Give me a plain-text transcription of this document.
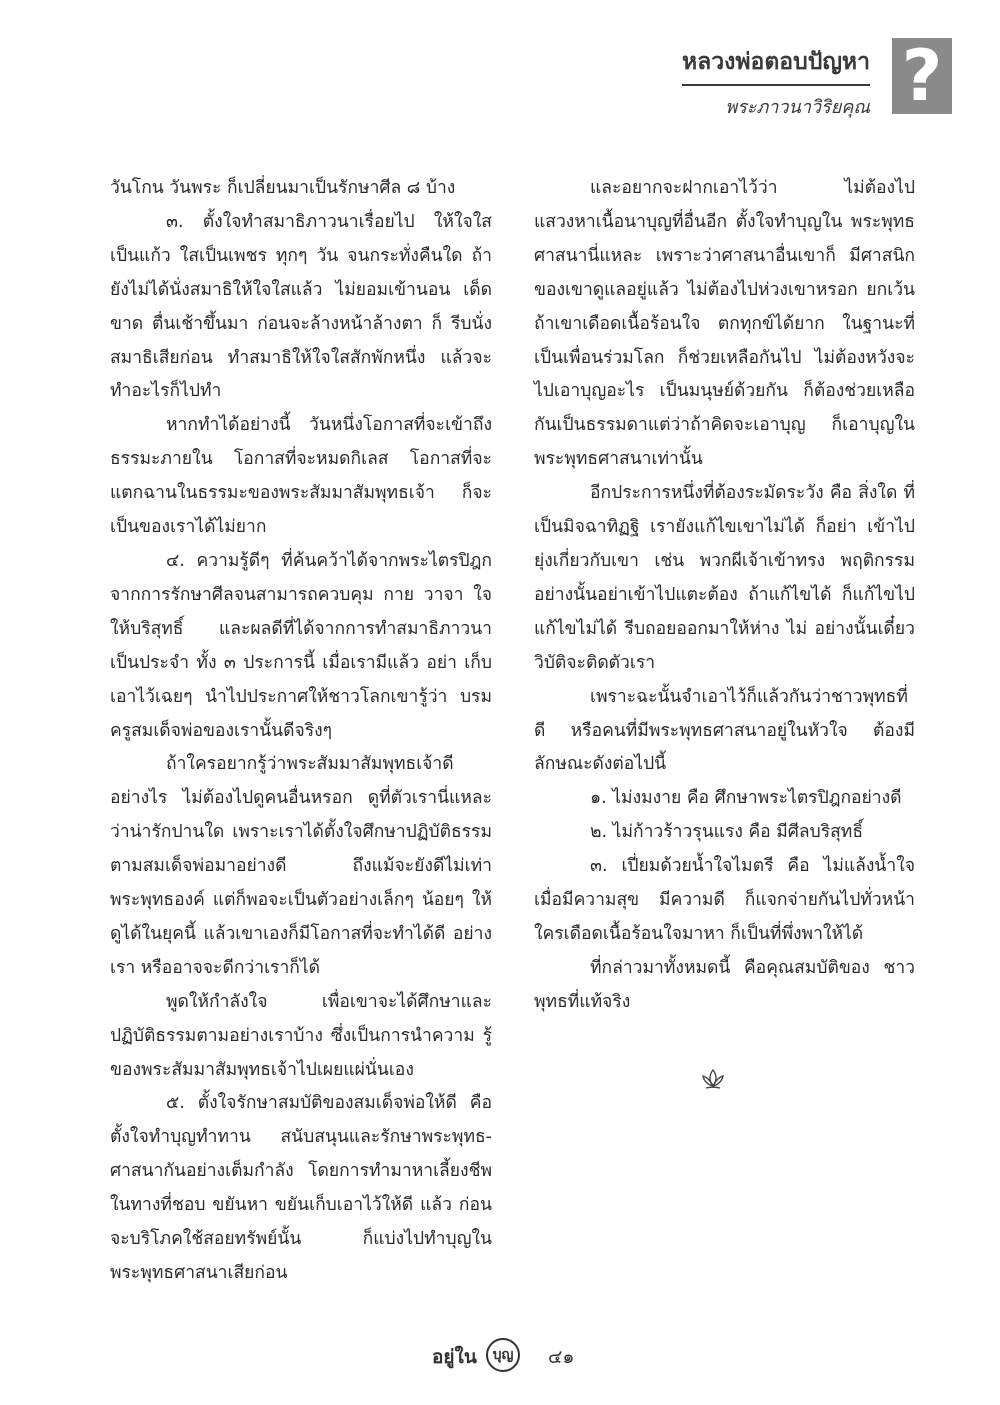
หลวงพ่อตอบปัญหา
พระภาวนาวิริยคุณ ?

วันโกน วันพระ ก็เปลี่ยนมาเป็นรักษาศีล ๘ บ้าง

๓. ตั้งใจทำสมาธิภาวนาเรื่อยไป ให้ใจใส เป็นแก้ว ใสเป็นเพชร ทุกๆ วัน จนกระทั่งคืนใด ถ้ายังไม่ได้นั่งสมาธิให้ใจใสแล้ว ไม่ยอมเข้านอน เด็ดขาด ตื่นเช้าขึ้นมา ก่อนจะล้างหน้าล้างตา ก็ รีบนั่งสมาธิเสียก่อน ทำสมาธิให้ใจใสสักพักหนึ่ง แล้วจะทำอะไรก็ไปทำ

หากทำได้อย่างนี้ วันหนึ่งโอกาสที่จะเข้าถึง ธรรมะภายใน โอกาสที่จะหมดกิเลส โอกาสที่จะ แตกฉานในธรรมะของพระสัมมาสัมพุทธเจ้า ก็จะ เป็นของเราได้ไม่ยาก

๔. ความรู้ดีๆ ที่ค้นคว้าได้จากพระไตรปิฎก จากการรักษาศีลจนสามารถควบคุม กาย วาจา ใจ ให้บริสุทธิ์ และผลดีที่ได้จากการทำสมาธิภาวนา เป็นประจำ ทั้ง ๓ ประการนี้ เมื่อเรามีแล้ว อย่า เก็บเอาไว้เฉยๆ นำไปประกาศให้ชาวโลกเขารู้ว่า บรมครูสมเด็จพ่อของเรานั้นดีจริงๆ

ถ้าใครอยากรู้ว่าพระสัมมาสัมพุทธเจ้าดี อย่างไร ไม่ต้องไปดูคนอื่นหรอก ดูที่ตัวเรานี่แหละ ว่าน่ารักปานใด เพราะเราได้ตั้งใจศึกษาปฏิบัติธรรม ตามสมเด็จพ่อมาอย่างดี ถึงแม้จะยังดีไม่เท่า พระพุทธองค์ แต่ก็พอจะเป็นตัวอย่างเล็กๆ น้อยๆ ให้ดูได้ในยุคนี้ แล้วเขาเองก็มีโอกาสที่จะทำได้ดี อย่างเรา หรืออาจจะดีกว่าเราก็ได้

พูดให้กำลังใจ เพื่อเขาจะได้ศึกษาและ ปฏิบัติธรรมตามอย่างเราบ้าง ซึ่งเป็นการนำความ รู้ของพระสัมมาสัมพุทธเจ้าไปเผยแผ่นั่นเอง

๕. ตั้งใจรักษาสมบัติของสมเด็จพ่อให้ดี คือ ตั้งใจทำบุญทำทาน สนับสนุนและรักษาพระพุทธ- ศาสนากันอย่างเต็มกำลัง โดยการทำมาหาเลี้ยงชีพ ในทางที่ชอบ ขยันหา ขยันเก็บเอาไว้ให้ดี แล้ว ก่อนจะบริโภคใช้สอยทรัพย์นั้น ก็แบ่งไปทำบุญใน พระพุทธศาสนาเสียก่อน

และอยากจะฝากเอาไว้ว่า ไม่ต้องไป แสวงหาเนื้อนาบุญที่อื่นอีก ตั้งใจทำบุญใน พระพุทธศาสนานี่แหละ เพราะว่าศาสนาอื่นเขาก็ มีศาสนิกของเขาดูแลอยู่แล้ว ไม่ต้องไปห่วงเขาหรอก ยกเว้น ถ้าเขาเดือดเนื้อร้อนใจ ตกทุกข์ได้ยาก ในฐานะที่เป็นเพื่อนร่วมโลก ก็ช่วยเหลือกันไป ไม่ต้องหวังจะไปเอาบุญอะไร เป็นมนุษย์ด้วยกัน ก็ต้องช่วยเหลือกันเป็นธรรมดาแต่ว่าถ้าคิดจะเอาบุญ ก็เอาบุญในพระพุทธศาสนาเท่านั้น

อีกประการหนึ่งที่ต้องระมัดระวัง คือ สิ่งใด ที่เป็นมิจฉาทิฏฐิ เรายังแก้ไขเขาไม่ได้ ก็อย่า เข้าไปยุ่งเกี่ยวกับเขา เช่น พวกผีเจ้าเข้าทรง พฤติกรรมอย่างนั้นอย่าเข้าไปแตะต้อง ถ้าแก้ไขได้ ก็แก้ไขไป แก้ไขไม่ได้ รีบถอยออกมาให้ห่าง ไม่ อย่างนั้นเดี๋ยววิบัติจะติดตัวเรา

เพราะฉะนั้นจำเอาไว้ก็แล้วกันว่าชาวพุทธที่ดี หรือคนที่มีพระพุทธศาสนาอยู่ในหัวใจ ต้องมี ลักษณะดังต่อไปนี้

๑. ไม่งมงาย คือ ศึกษาพระไตรปิฎกอย่างดี

๒. ไม่ก้าวร้าวรุนแรง คือ มีศีลบริสุทธิ์

๓. เปี่ยมด้วยน้ำใจไมตรี คือ ไม่แล้งน้ำใจ เมื่อมีความสุข มีความดี ก็แจกจ่ายกันไปทั่วหน้า ใครเดือดเนื้อร้อนใจมาหา ก็เป็นที่พึ่งพาให้ได้

ที่กล่าวมาทั้งหมดนี้ คือคุณสมบัติของ ชาวพุทธที่แท้จริง

อยู่ใน	บุญ	๔๑
